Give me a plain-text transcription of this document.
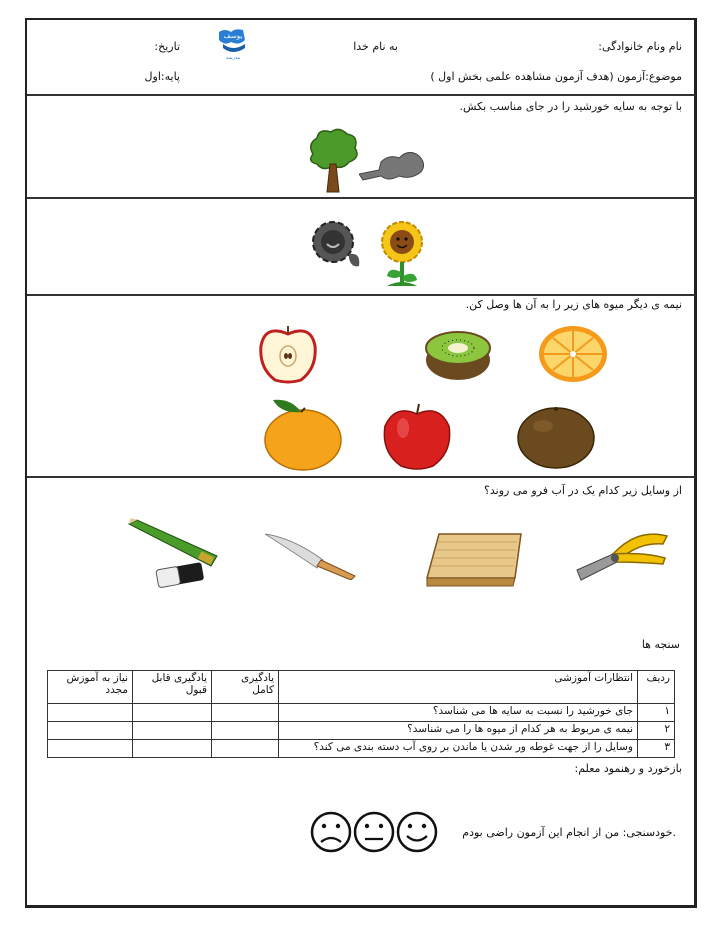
نام ونام خانوادگی:
به نام خدا
تاریخ:
یوسف
مدرسه
موضوع:آزمون (هدف آزمون مشاهده علمی بخش اول )
پایه:اول
با توجه به سایه خورشید را در جای مناسب بکش.
نیمه ی دیگر میوه های زیر را به آن ها وصل کن.
از وسایل زیر کدام یک در آب فرو می روند؟
سنجه ها
ردیف	انتظارات آموزشی	یادگیری کامل	یادگیری قابل قبول	نیاز به آموزش مجدد
۱	جای خورشید را نسبت به سایه ها می شناسد؟			
۲	نیمه ی مربوط به هر کدام از میوه ها را می شناسد؟			
۳	وسایل را از جهت غوطه ور شدن یا ماندن بر روی آب دسته بندی می کند؟			
بازخورد و رهنمود معلم:
.خودسنجی: من از انجام این آزمون راضی بودم
